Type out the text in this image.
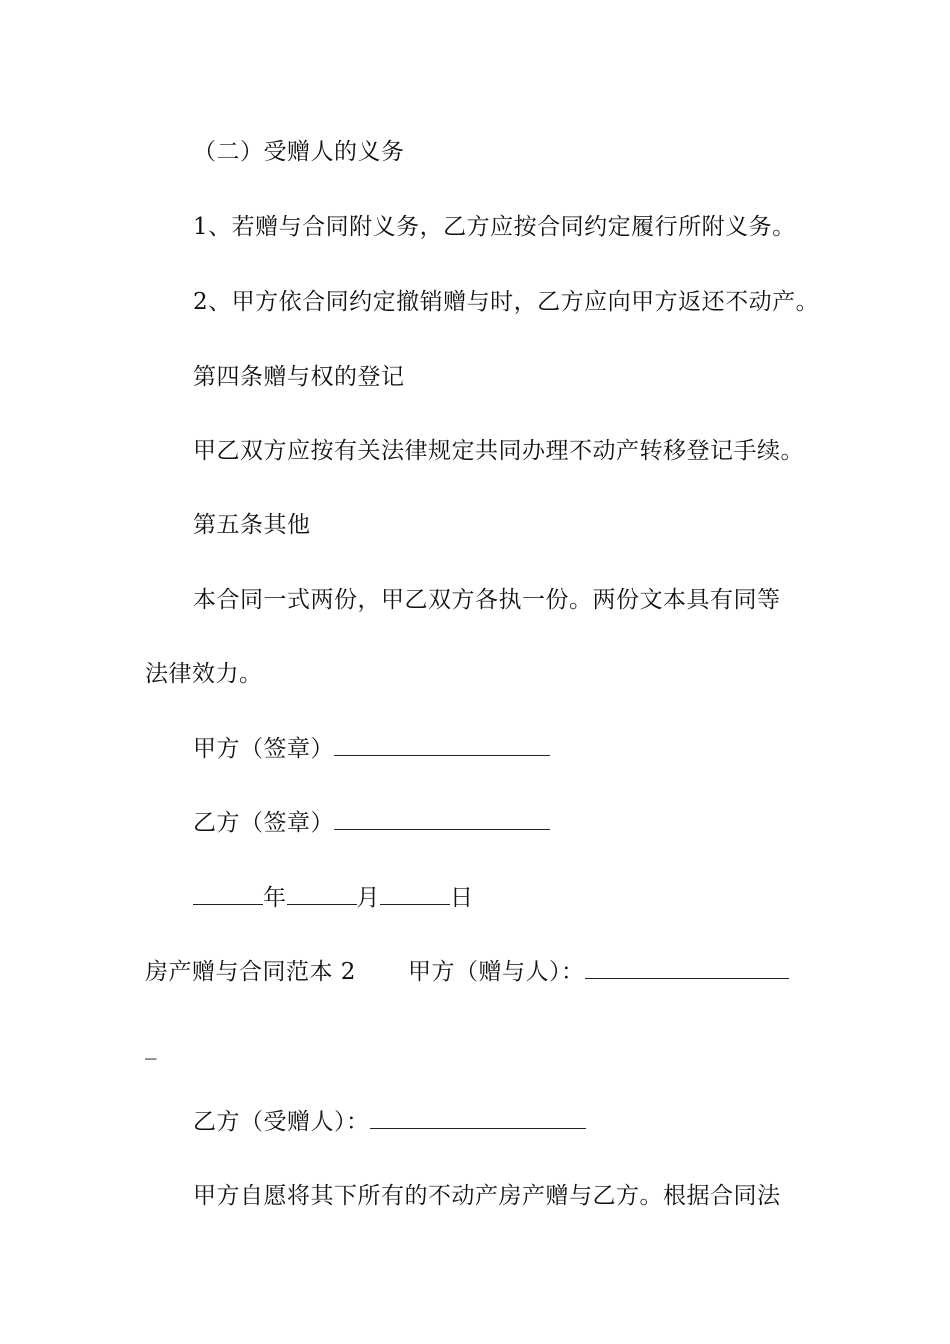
（二）受赠人的义务
1、若赠与合同附义务，乙方应按合同约定履行所附义务。
2、甲方依合同约定撤销赠与时，乙方应向甲方返还不动产。
第四条赠与权的登记
甲乙双方应按有关法律规定共同办理不动产转移登记手续。
第五条其他
本合同一式两份，甲乙双方各执一份。两份文本具有同等
法律效力。
甲方（签章）
乙方（签章）
年	月	日
房产赠与合同范本 2 甲方（赠与人）：
_
乙方（受赠人）：
甲方自愿将其下所有的不动产房产赠与乙方。根据合同法
